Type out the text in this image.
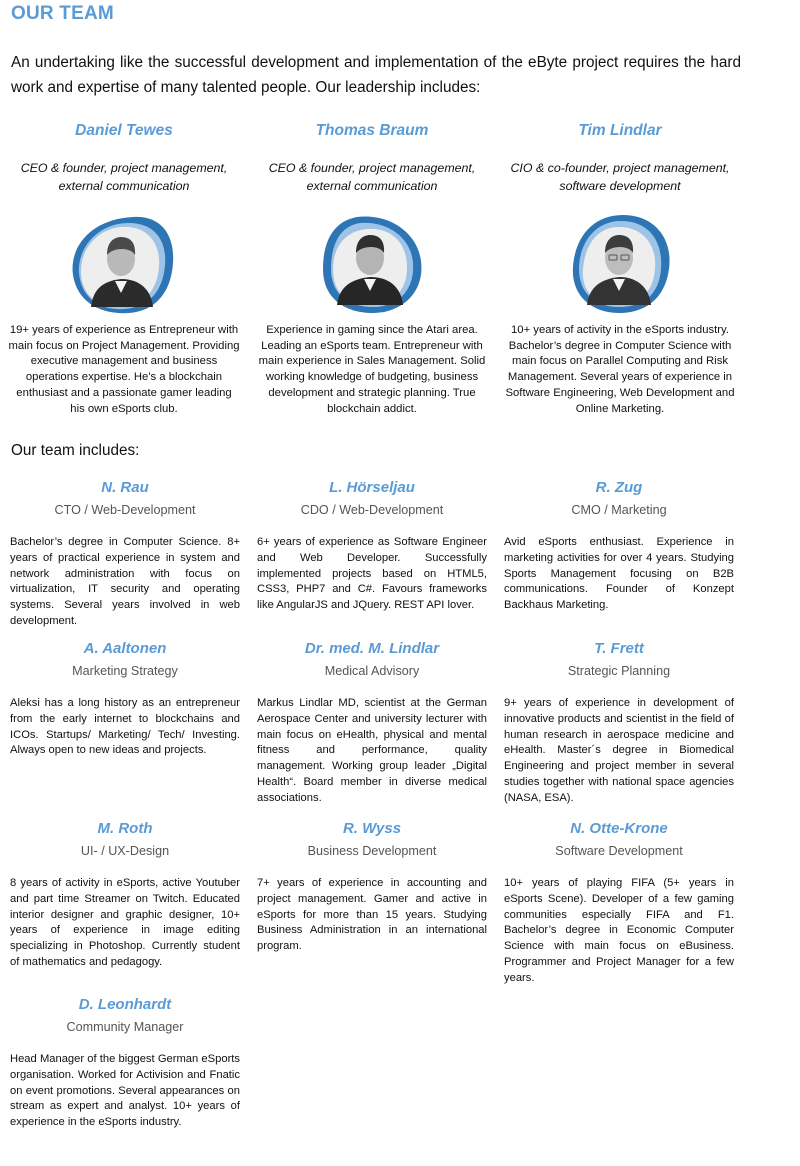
OUR TEAM

An undertaking like the successful development and implementation of the eByte project requires the hard work and expertise of many talented people. Our leadership includes:

Daniel Tewes
CEO & founder, project management, external communication
19+ years of experience as Entrepreneur with main focus on Project Management. Providing executive management and business operations expertise. He's a blockchain enthusiast and a passionate gamer leading his own eSports club.
Thomas Braum
CEO & founder, project management, external communication
Experience in gaming since the Atari area. Leading an eSports team. Entrepreneur with main experience in Sales Management. Solid working knowledge of budgeting, business development and strategic planning. True blockchain addict.
Tim Lindlar
CIO & co-founder, project management, software development
10+ years of activity in the eSports industry. Bachelor’s degree in Computer Science with main focus on Parallel Computing and Risk Management. Several years of experience in Software Engineering, Web Development and Online Marketing.

Our team includes:

N. Rau
CTO / Web-Development
Bachelor’s degree in Computer Science. 8+ years of practical experience in system and network administration with focus on virtualization, IT security and operating systems. Several years involved in web development.
L. Hörseljau
CDO / Web-Development
6+ years of experience as Software Engineer and Web Developer. Successfully implemented projects based on HTML5, CSS3, PHP7 and C#. Favours frameworks like AngularJS and JQuery. REST API lover.
R. Zug
CMO / Marketing
Avid eSports enthusiast. Experience in marketing activities for over 4 years. Studying Sports Management focusing on B2B communications. Founder of Konzept Backhaus Marketing.
A. Aaltonen
Marketing Strategy
Aleksi has a long history as an entrepreneur from the early internet to blockchains and ICOs. Startups/ Marketing/ Tech/ Investing. Always open to new ideas and projects.
Dr. med. M. Lindlar
Medical Advisory
Markus Lindlar MD, scientist at the German Aerospace Center and university lecturer with main focus on eHealth, physical and mental fitness and performance, quality management. Working group leader „Digital Health“. Board member in diverse medical associations.
T. Frett
Strategic Planning
9+ years of experience in development of innovative products and scientist in the field of human research in aerospace medicine and eHealth. Master´s degree in Biomedical Engineering and project member in several studies together with national space agencies (NASA, ESA).
M. Roth
UI- / UX-Design
8 years of activity in eSports, active Youtuber and part time Streamer on Twitch. Educated interior designer and graphic designer, 10+ years of experience in image editing specializing in Photoshop. Currently student of mathematics and pedagogy.
R. Wyss
Business Development
7+ years of experience in accounting and project management. Gamer and active in eSports for more than 15 years. Studying Business Administration in an international program.
N. Otte-Krone
Software Development
10+ years of playing FIFA (5+ years in eSports Scene). Developer of a few gaming communities especially FIFA and F1. Bachelor’s degree in Economic Computer Science with main focus on eBusiness. Programmer and Project Manager for a few years.
D. Leonhardt
Community Manager
Head Manager of the biggest German eSports organisation. Worked for Activision and Fnatic on event promotions. Several appearances on stream as expert and analyst. 10+ years of experience in the eSports industry.
